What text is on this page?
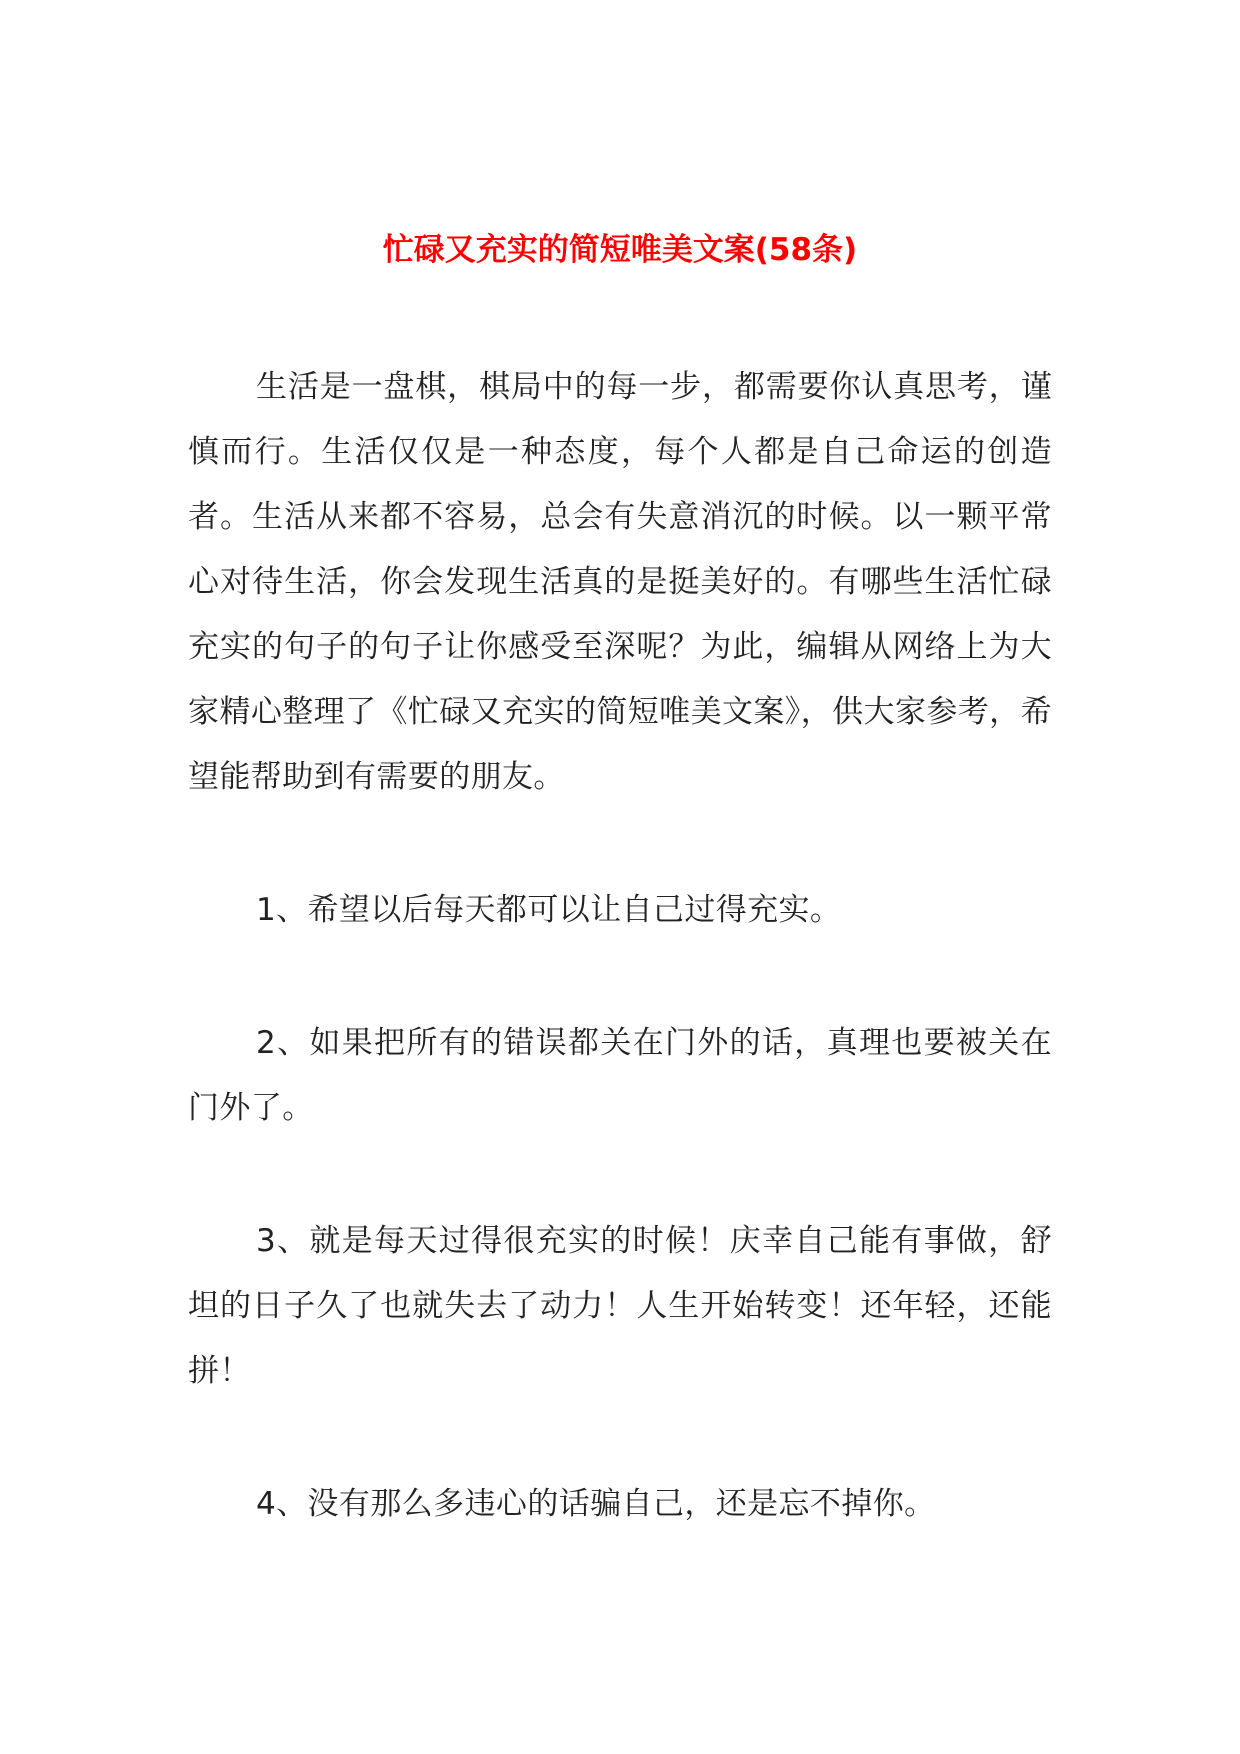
忙碌又充实的简短唯美文案(58条)

生活是一盘棋，棋局中的每一步，都需要你认真思考，谨慎而行。生活仅仅是一种态度，每个人都是自己命运的创造者。生活从来都不容易，总会有失意消沉的时候。以一颗平常心对待生活，你会发现生活真的是挺美好的。有哪些生活忙碌充实的句子的句子让你感受至深呢？为此，编辑从网络上为大家精心整理了《忙碌又充实的简短唯美文案》，供大家参考，希望能帮助到有需要的朋友。

1、希望以后每天都可以让自己过得充实。

2、如果把所有的错误都关在门外的话，真理也要被关在门外了。

3、就是每天过得很充实的时候！庆幸自己能有事做，舒坦的日子久了也就失去了动力！人生开始转变！还年轻，还能拼！

4、没有那么多违心的话骗自己，还是忘不掉你。
